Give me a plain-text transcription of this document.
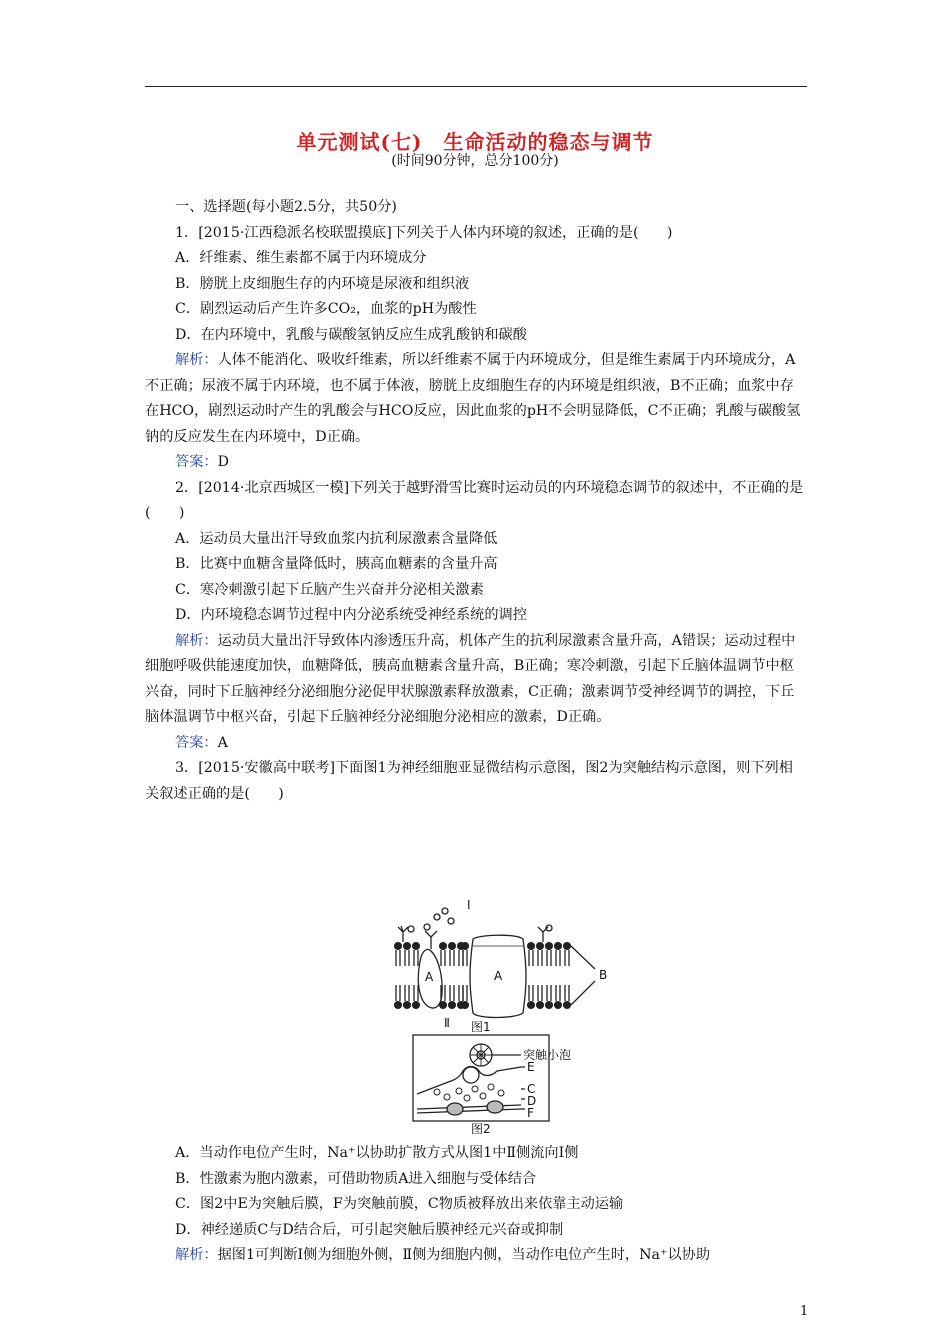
单元测试(七)　生命活动的稳态与调节
(时间90分钟，总分100分)

一、选择题(每小题2.5分，共50分)

1．[2015·江西稳派名校联盟摸底]下列关于人体内环境的叙述，正确的是(　　)

A．纤维素、维生素都不属于内环境成分

B．膀胱上皮细胞生存的内环境是尿液和组织液

C．剧烈运动后产生许多CO₂，血浆的pH为酸性

D．在内环境中，乳酸与碳酸氢钠反应生成乳酸钠和碳酸

解析：人体不能消化、吸收纤维素，所以纤维素不属于内环境成分，但是维生素属于内环境成分，A不正确；尿液不属于内环境，也不属于体液，膀胱上皮细胞生存的内环境是组织液，B不正确；血浆中存在HCO，剧烈运动时产生的乳酸会与HCO反应，因此血浆的pH不会明显降低，C不正确；乳酸与碳酸氢钠的反应发生在内环境中，D正确。

答案：D

2．[2014·北京西城区一模]下列关于越野滑雪比赛时运动员的内环境稳态调节的叙述中，不正确的是(　　)

A．运动员大量出汗导致血浆内抗利尿激素含量降低

B．比赛中血糖含量降低时，胰高血糖素的含量升高

C．寒冷刺激引起下丘脑产生兴奋并分泌相关激素

D．内环境稳态调节过程中内分泌系统受神经系统的调控

解析：运动员大量出汗导致体内渗透压升高，机体产生的抗利尿激素含量升高，A错误；运动过程中细胞呼吸供能速度加快，血糖降低，胰高血糖素含量升高，B正确；寒冷刺激，引起下丘脑体温调节中枢兴奋，同时下丘脑神经分泌细胞分泌促甲状腺激素释放激素，C正确；激素调节受神经调节的调控，下丘脑体温调节中枢兴奋，引起下丘脑神经分泌细胞分泌相应的激素，D正确。

答案：A

3．[2015·安徽高中联考]下面图1为神经细胞亚显微结构示意图，图2为突触结构示意图，则下列相关叙述正确的是(　　)

Ⅰ
Ⅱ
A	A	B
图1
突触小泡
E
C
D
F
图2

A．当动作电位产生时，Na⁺以协助扩散方式从图1中Ⅱ侧流向Ⅰ侧

B．性激素为胞内激素，可借助物质A进入细胞与受体结合

C．图2中E为突触后膜，F为突触前膜，C物质被释放出来依靠主动运输

D．神经递质C与D结合后，可引起突触后膜神经元兴奋或抑制

解析：据图1可判断Ⅰ侧为细胞外侧，Ⅱ侧为细胞内侧，当动作电位产生时，Na⁺以协助

1
